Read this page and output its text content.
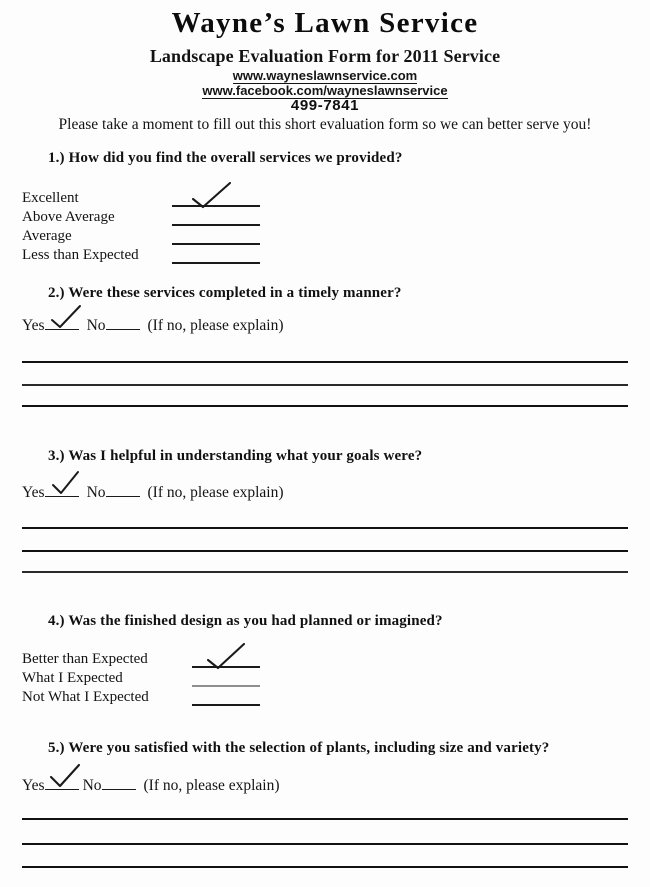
Wayne’s Lawn Service
Landscape Evaluation Form for 2011 Service
www.wayneslawnservice.com
www.facebook.com/wayneslawnservice
499-7841
Please take a moment to fill out this short evaluation form so we can better serve you!
1.) How did you find the overall services we provided?
Excellent
Above Average
Average
Less than Expected
2.) Were these services completed in a timely manner?
Yes	No	(If no, please explain)
3.) Was I helpful in understanding what your goals were?
Yes	No	(If no, please explain)
4.) Was the finished design as you had planned or imagined?
Better than Expected
What I Expected
Not What I Expected
5.) Were you satisfied with the selection of plants, including size and variety?
Yes No	(If no, please explain)
